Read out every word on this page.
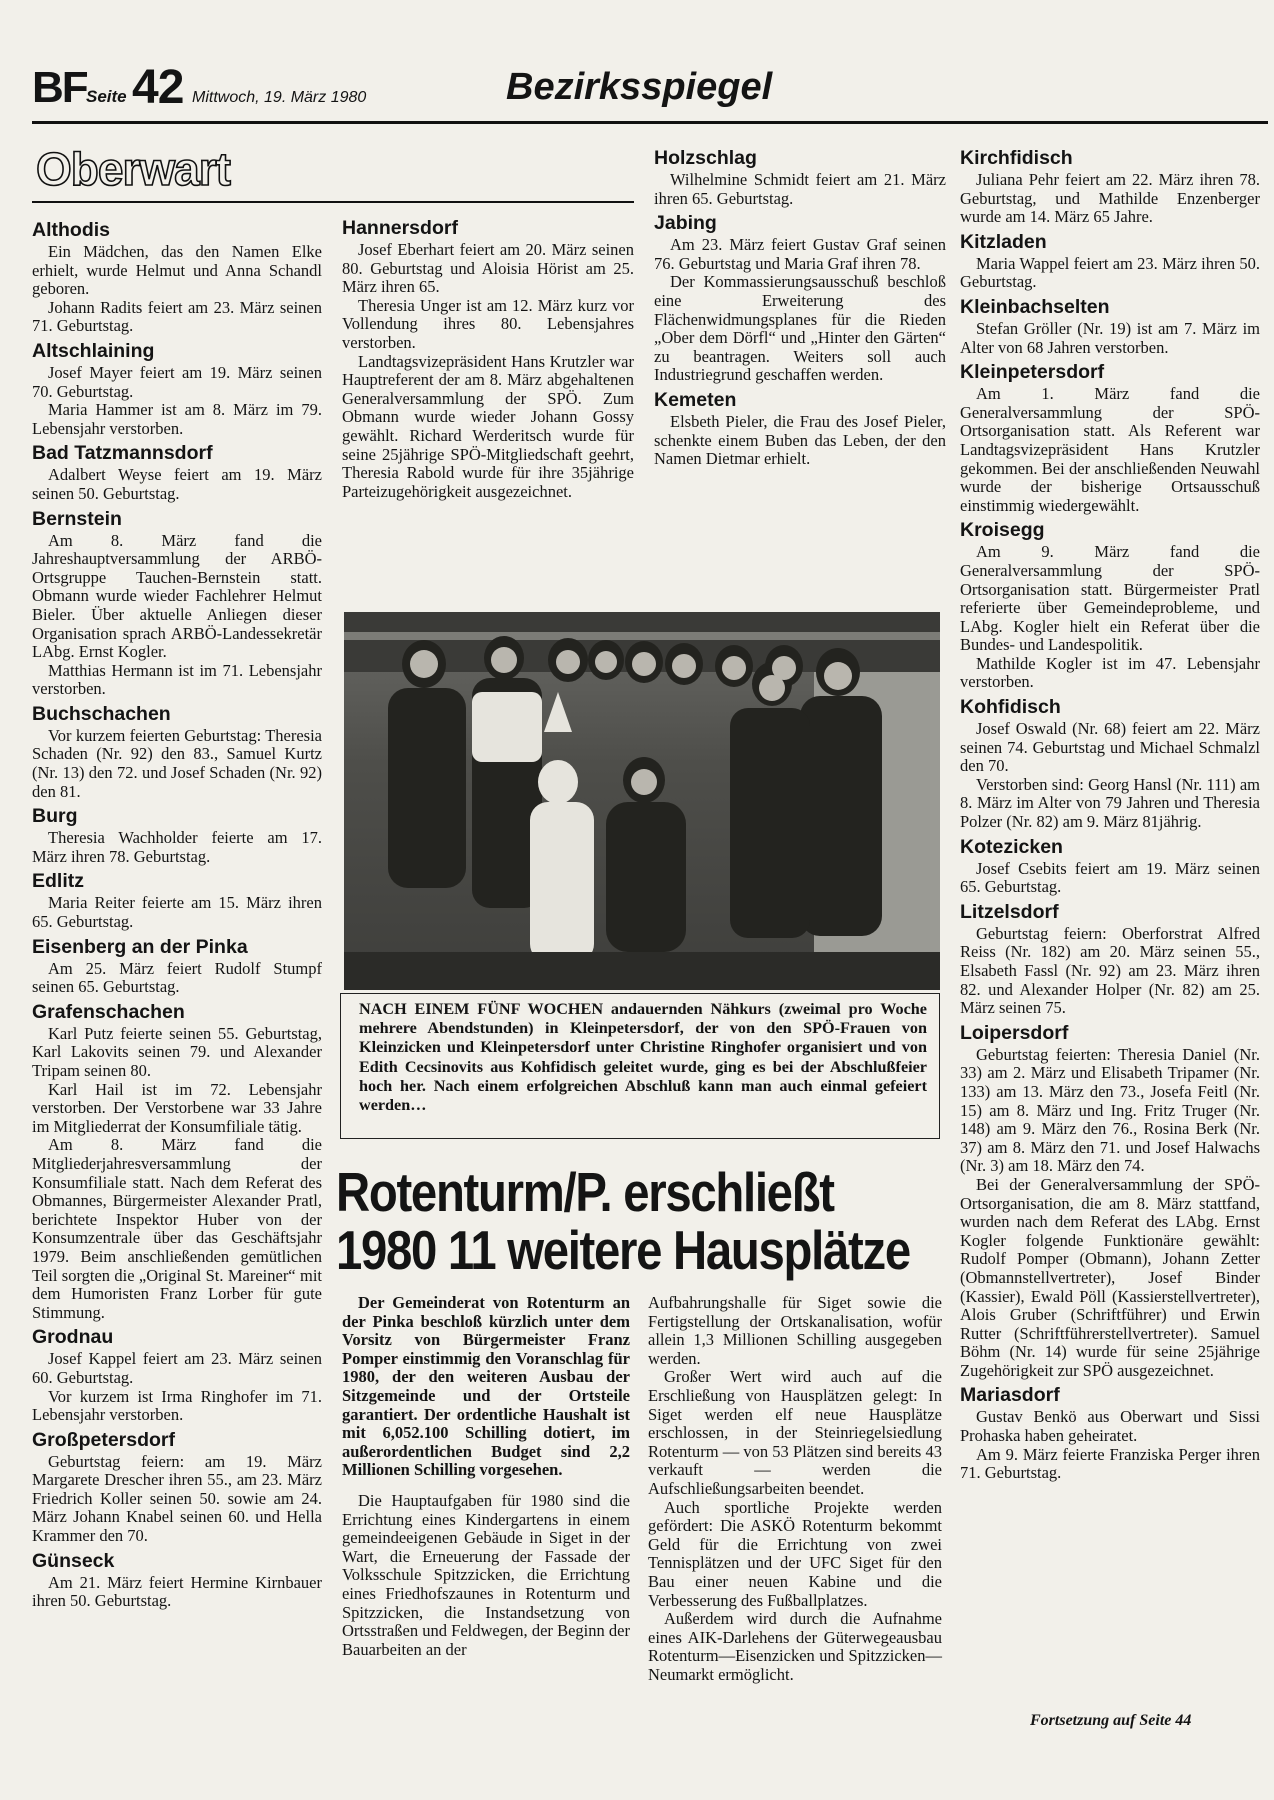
BF Seite 42 Mittwoch, 19. März 1980	Bezirksspiegel
Oberwart
Althodis

Ein Mädchen, das den Namen Elke erhielt, wurde Helmut und Anna Schandl geboren.

Johann Radits feiert am 23. März seinen 71. Geburtstag.

Altschlaining

Josef Mayer feiert am 19. März seinen 70. Geburtstag.

Maria Hammer ist am 8. März im 79. Lebensjahr verstorben.

Bad Tatzmannsdorf

Adalbert Weyse feiert am 19. März seinen 50. Geburtstag.

Bernstein

Am 8. März fand die Jahreshauptversammlung der ARBÖ-Ortsgruppe Tauchen-Bernstein statt. Obmann wurde wieder Fachlehrer Helmut Bieler. Über aktuelle Anliegen dieser Organisation sprach ARBÖ-Landessekretär LAbg. Ernst Kogler.

Matthias Hermann ist im 71. Lebensjahr verstorben.

Buchschachen

Vor kurzem feierten Geburtstag: Theresia Schaden (Nr. 92) den 83., Samuel Kurtz (Nr. 13) den 72. und Josef Schaden (Nr. 92) den 81.

Burg

Theresia Wachholder feierte am 17. März ihren 78. Geburtstag.

Edlitz

Maria Reiter feierte am 15. März ihren 65. Geburtstag.

Eisenberg an der Pinka

Am 25. März feiert Rudolf Stumpf seinen 65. Geburtstag.

Grafenschachen

Karl Putz feierte seinen 55. Geburtstag, Karl Lakovits seinen 79. und Alexander Tripam seinen 80.

Karl Hail ist im 72. Lebensjahr verstorben. Der Verstorbene war 33 Jahre im Mitgliederrat der Konsumfiliale tätig.

Am 8. März fand die Mitgliederjahresversammlung der Konsumfiliale statt. Nach dem Referat des Obmannes, Bürgermeister Alexander Pratl, berichtete Inspektor Huber von der Konsumzentrale über das Geschäftsjahr 1979. Beim anschließenden gemütlichen Teil sorgten die „Original St. Mareiner“ mit dem Humoristen Franz Lorber für gute Stimmung.

Grodnau

Josef Kappel feiert am 23. März seinen 60. Geburtstag.

Vor kurzem ist Irma Ringhofer im 71. Lebensjahr verstorben.

Großpetersdorf

Geburtstag feiern: am 19. März Margarete Drescher ihren 55., am 23. März Friedrich Koller seinen 50. sowie am 24. März Johann Knabel seinen 60. und Hella Krammer den 70.

Günseck

Am 21. März feiert Hermine Kirnbauer ihren 50. Geburtstag.

Hannersdorf

Josef Eberhart feiert am 20. März seinen 80. Geburtstag und Aloisia Hörist am 25. März ihren 65.

Theresia Unger ist am 12. März kurz vor Vollendung ihres 80. Lebensjahres verstorben.

Landtagsvizepräsident Hans Krutzler war Hauptreferent der am 8. März abgehaltenen Generalversammlung der SPÖ. Zum Obmann wurde wieder Johann Gossy gewählt. Richard Werderitsch wurde für seine 25jährige SPÖ-Mitgliedschaft geehrt, Theresia Rabold wurde für ihre 35jährige Parteizugehörigkeit ausgezeichnet.

Holzschlag

Wilhelmine Schmidt feiert am 21. März ihren 65. Geburtstag.

Jabing

Am 23. März feiert Gustav Graf seinen 76. Geburtstag und Maria Graf ihren 78.

Der Kommassierungsausschuß beschloß eine Erweiterung des Flächenwidmungsplanes für die Rieden „Ober dem Dörfl“ und „Hinter den Gärten“ zu beantragen. Weiters soll auch Industriegrund geschaffen werden.

Kemeten

Elsbeth Pieler, die Frau des Josef Pieler, schenkte einem Buben das Leben, der den Namen Dietmar erhielt.

Kirchfidisch

Juliana Pehr feiert am 22. März ihren 78. Geburtstag, und Mathilde Enzenberger wurde am 14. März 65 Jahre.

Kitzladen

Maria Wappel feiert am 23. März ihren 50. Geburtstag.

Kleinbachselten

Stefan Gröller (Nr. 19) ist am 7. März im Alter von 68 Jahren verstorben.

Kleinpetersdorf

Am 1. März fand die Generalversammlung der SPÖ-Ortsorganisation statt. Als Referent war Landtagsvizepräsident Hans Krutzler gekommen. Bei der anschließenden Neuwahl wurde der bisherige Ortsausschuß einstimmig wiedergewählt.

Kroisegg

Am 9. März fand die Generalversammlung der SPÖ-Ortsorganisation statt. Bürgermeister Pratl referierte über Gemeindeprobleme, und LAbg. Kogler hielt ein Referat über die Bundes- und Landespolitik.

Mathilde Kogler ist im 47. Lebensjahr verstorben.

Kohfidisch

Josef Oswald (Nr. 68) feiert am 22. März seinen 74. Geburtstag und Michael Schmalzl den 70.

Verstorben sind: Georg Hansl (Nr. 111) am 8. März im Alter von 79 Jahren und Theresia Polzer (Nr. 82) am 9. März 81jährig.

Kotezicken

Josef Csebits feiert am 19. März seinen 65. Geburtstag.

Litzelsdorf

Geburtstag feiern: Oberforstrat Alfred Reiss (Nr. 182) am 20. März seinen 55., Elsabeth Fassl (Nr. 92) am 23. März ihren 82. und Alexander Holper (Nr. 82) am 25. März seinen 75.

Loipersdorf

Geburtstag feierten: Theresia Daniel (Nr. 33) am 2. März und Elisabeth Tripamer (Nr. 133) am 13. März den 73., Josefa Feitl (Nr. 15) am 8. März und Ing. Fritz Truger (Nr. 148) am 9. März den 76., Rosina Berk (Nr. 37) am 8. März den 71. und Josef Halwachs (Nr. 3) am 18. März den 74.

Bei der Generalversammlung der SPÖ-Ortsorganisation, die am 8. März stattfand, wurden nach dem Referat des LAbg. Ernst Kogler folgende Funktionäre gewählt: Rudolf Pomper (Obmann), Johann Zetter (Obmannstellvertreter), Josef Binder (Kassier), Ewald Pöll (Kassierstellvertreter), Alois Gruber (Schriftführer) und Erwin Rutter (Schriftführerstellvertreter). Samuel Böhm (Nr. 14) wurde für seine 25jährige Zugehörigkeit zur SPÖ ausgezeichnet.

Mariasdorf

Gustav Benkö aus Oberwart und Sissi Prohaska haben geheiratet.

Am 9. März feierte Franziska Perger ihren 71. Geburtstag.

NACH EINEM FÜNF WOCHEN andauernden Nähkurs (zweimal pro Woche mehrere Abendstunden) in Kleinpetersdorf, der von den SPÖ-Frauen von Kleinzicken und Kleinpetersdorf unter Christine Ringhofer organisiert und von Edith Cecsinovits aus Kohfidisch geleitet wurde, ging es bei der Abschlußfeier hoch her. Nach einem erfolgreichen Abschluß kann man auch einmal gefeiert werden…
Rotenturm/P. erschließt
1980 11 weitere Hausplätze

Der Gemeinderat von Rotenturm an der Pinka beschloß kürzlich unter dem Vorsitz von Bürgermeister Franz Pomper einstimmig den Voranschlag für 1980, der den weiteren Ausbau der Sitzgemeinde und der Ortsteile garantiert. Der ordentliche Haushalt ist mit 6,052.100 Schilling dotiert, im außerordentlichen Budget sind 2,2 Millionen Schilling vorgesehen.

Die Hauptaufgaben für 1980 sind die Errichtung eines Kindergartens in einem gemeindeeigenen Gebäude in Siget in der Wart, die Erneuerung der Fassade der Volksschule Spitzzicken, die Errichtung eines Friedhofszaunes in Rotenturm und Spitzzicken, die Instandsetzung von Ortsstraßen und Feldwegen, der Beginn der Bauarbeiten an der

Aufbahrungshalle für Siget sowie die Fertigstellung der Ortskanalisation, wofür allein 1,3 Millionen Schilling ausgegeben werden.

Großer Wert wird auch auf die Erschließung von Hausplätzen gelegt: In Siget werden elf neue Hausplätze erschlossen, in der Steinriegelsiedlung Rotenturm — von 53 Plätzen sind bereits 43 verkauft — werden die Aufschließungsarbeiten beendet.

Auch sportliche Projekte werden gefördert: Die ASKÖ Rotenturm bekommt Geld für die Errichtung von zwei Tennisplätzen und der UFC Siget für den Bau einer neuen Kabine und die Verbesserung des Fußballplatzes.

Außerdem wird durch die Aufnahme eines AIK-Darlehens der Güterwegeausbau Rotenturm—Eisenzicken und Spitzzicken—Neumarkt ermöglicht.

Fortsetzung auf Seite 44
